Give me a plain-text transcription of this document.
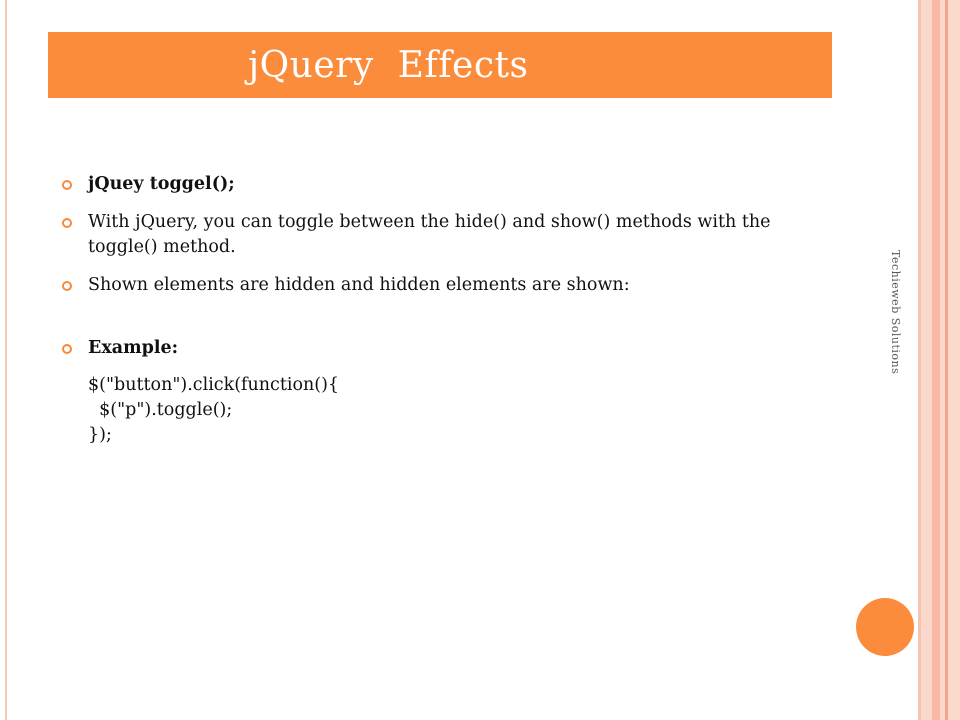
jQuery  Effects
jQuey toggel();
With jQuery, you can toggle between the hide() and show() methods with the toggle() method.
Shown elements are hidden and hidden elements are shown:
Example:
$("button").click(function(){
$("p").toggle();
});
Techieweb Solutions
